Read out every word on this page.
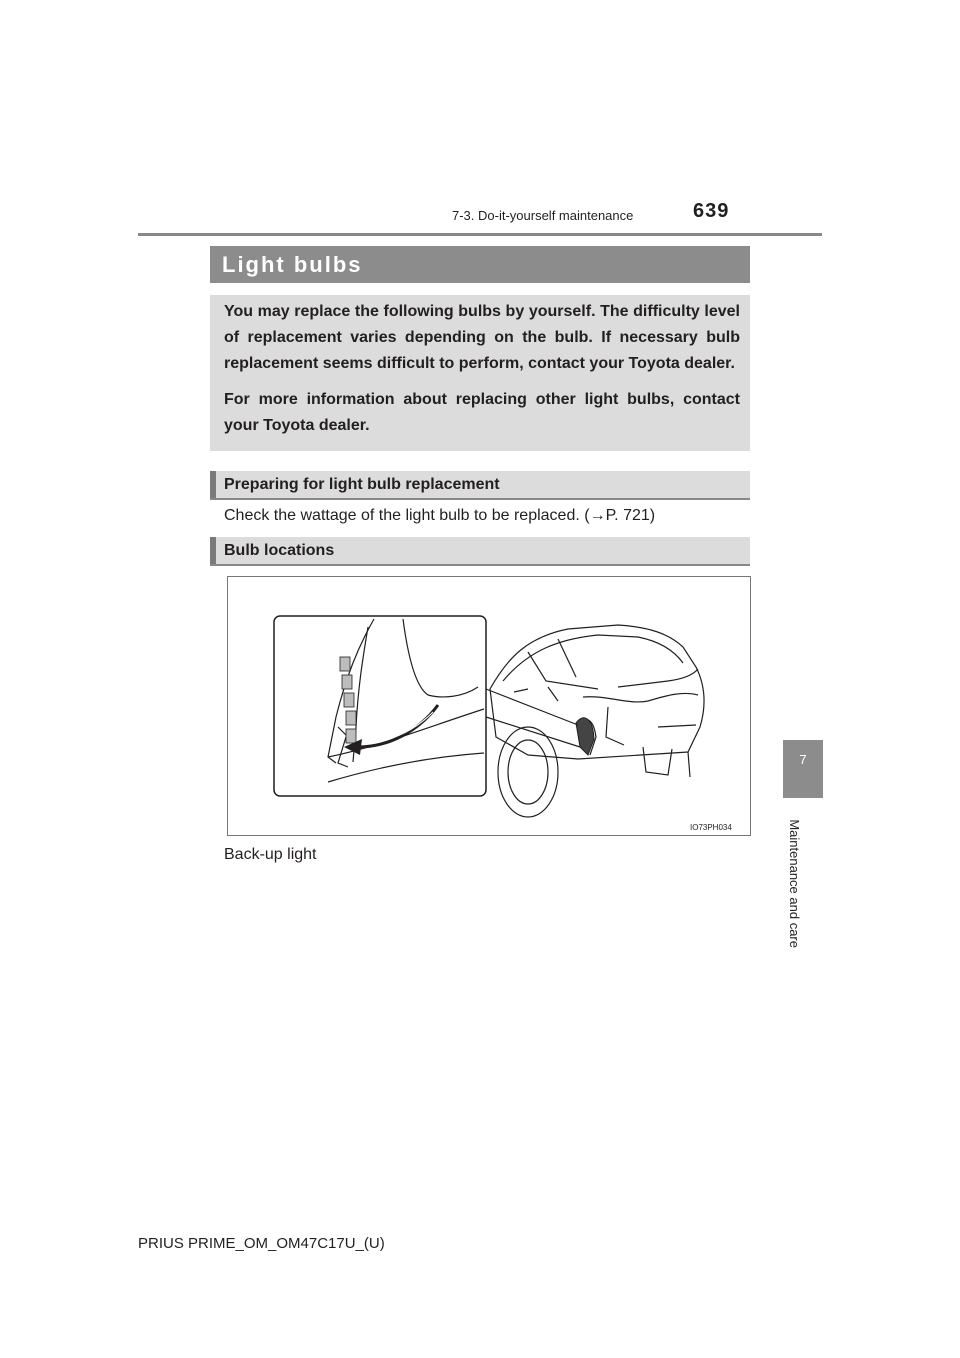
7-3. Do-it-yourself maintenance	639
7
Maintenance and care
Light bulbs

You may replace the following bulbs by yourself. The difficulty level of replacement varies depending on the bulb. If necessary bulb replacement seems difficult to perform, contact your Toyota dealer.

For more information about replacing other light bulbs, contact your Toyota dealer.

Preparing for light bulb replacement
Check the wattage of the light bulb to be replaced. (→P. 721)
Bulb locations
IO73PH034
Back-up light
PRIUS PRIME_OM_OM47C17U_(U)
